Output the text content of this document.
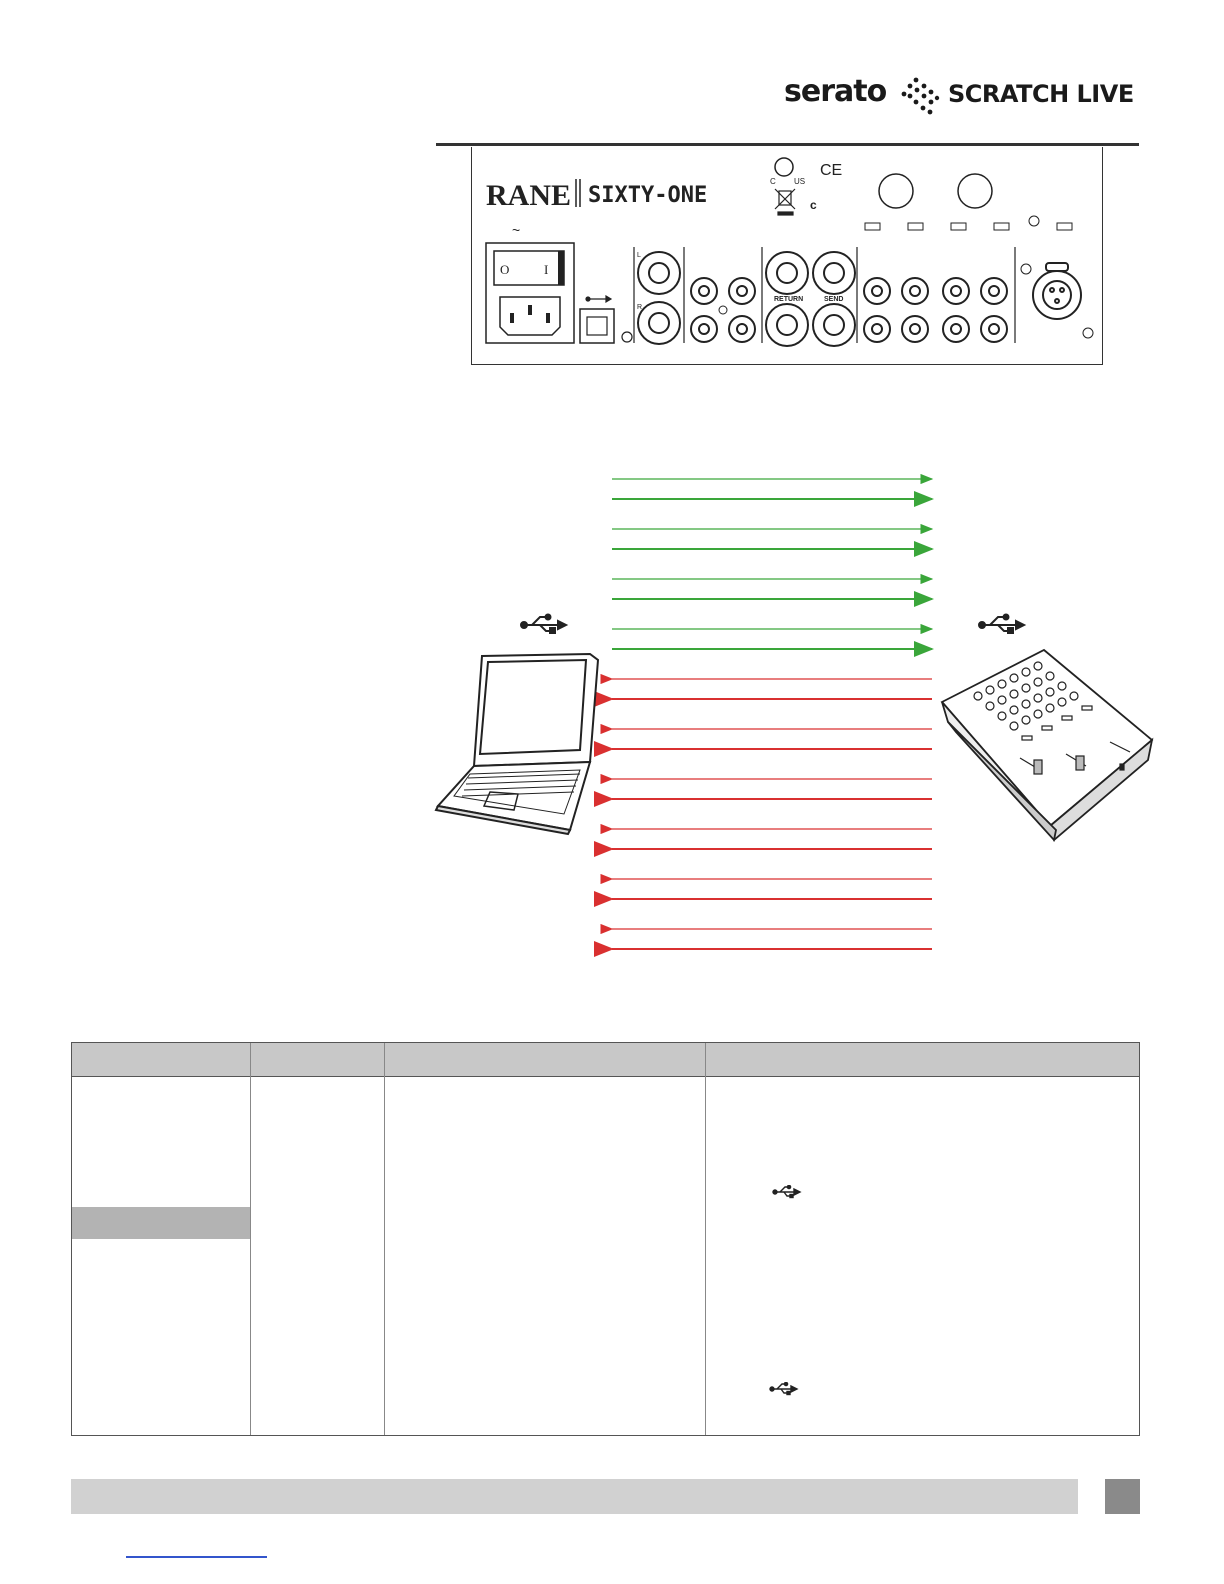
serato	SCRATCH LIVE
RANE SIXTY-ONE
C US
CE
c
~
O	I
L
R
RETURN	SEND
